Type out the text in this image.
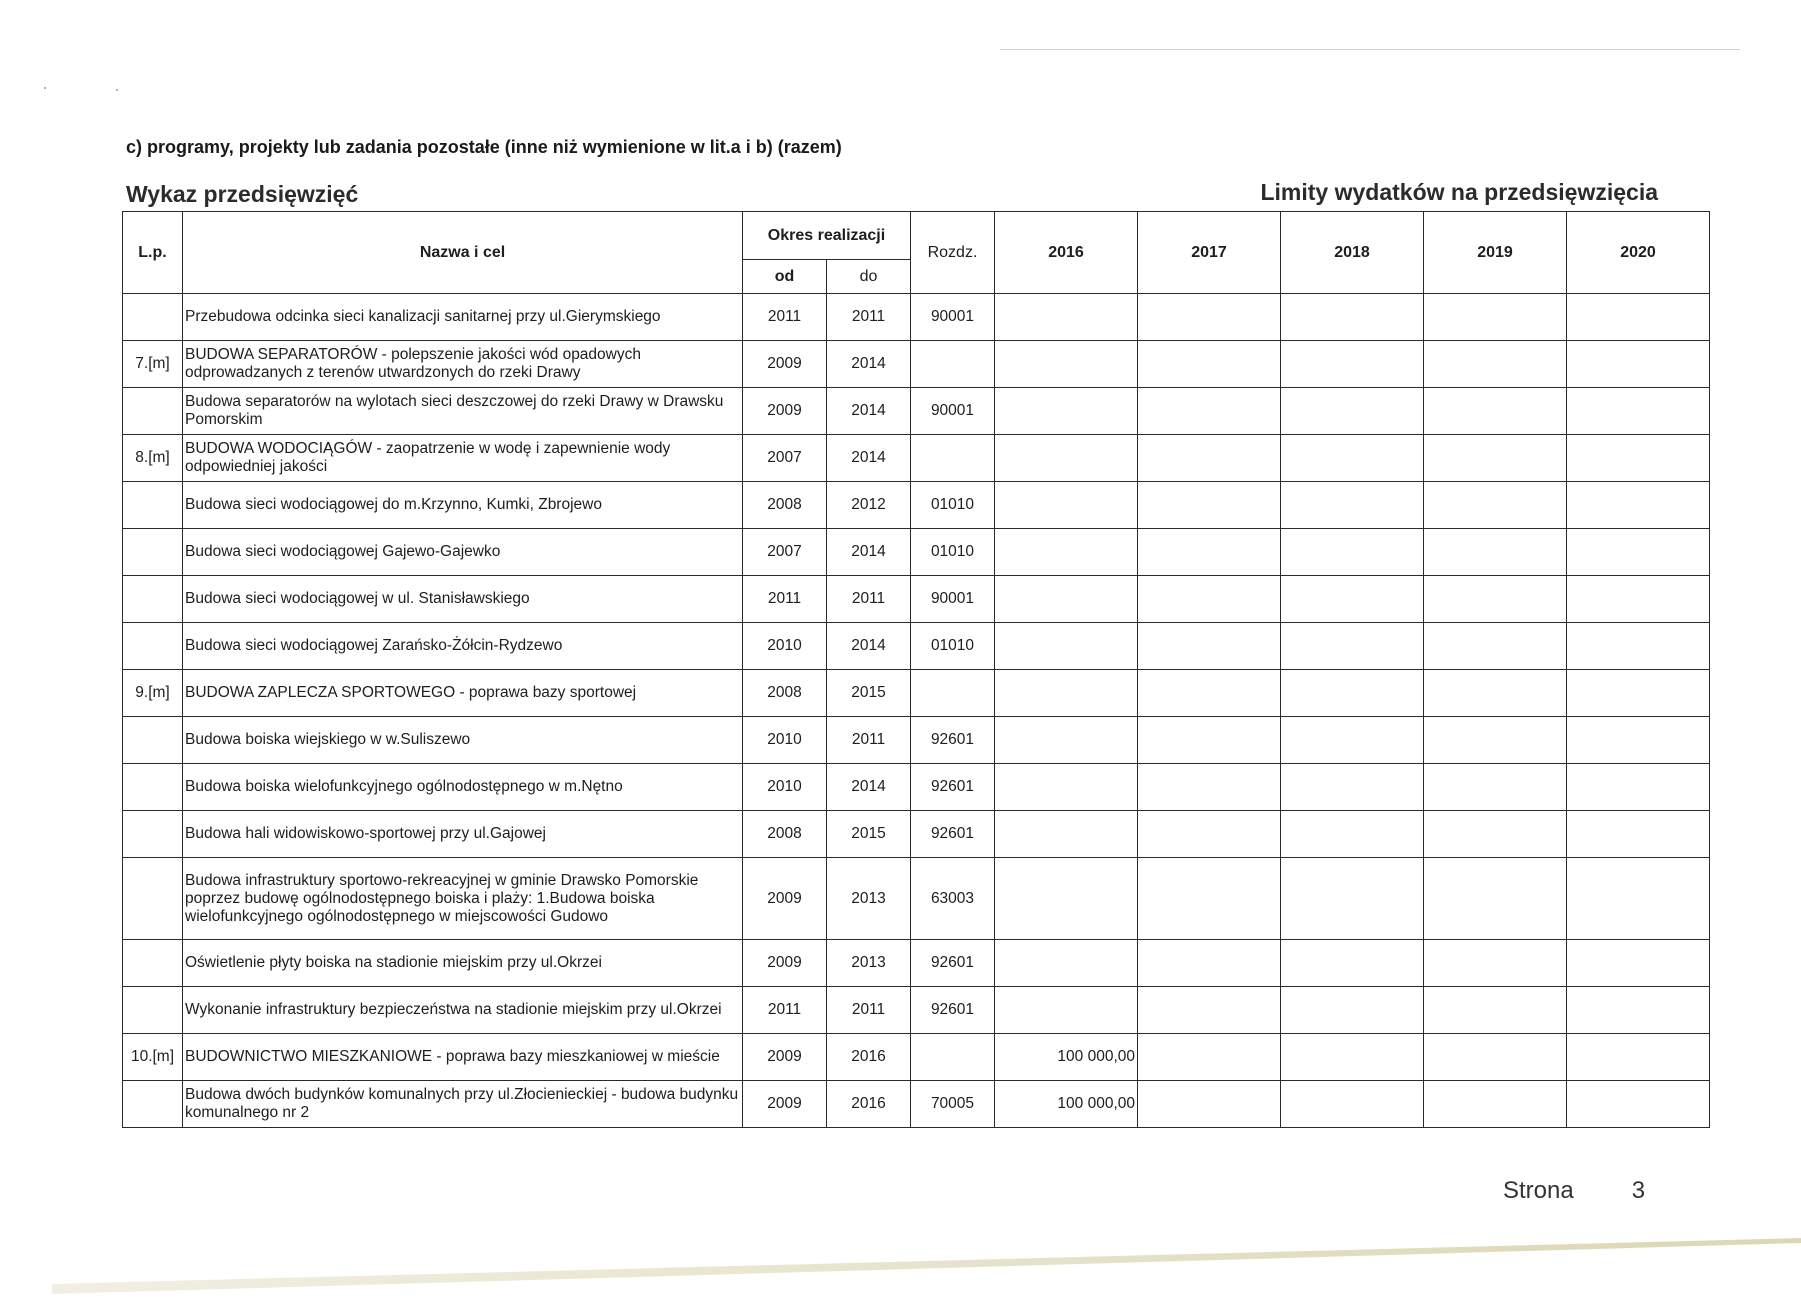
c) programy, projekty lub zadania pozostałe (inne niż wymienione w lit.a i b) (razem)
Wykaz przedsięwzięć	Limity wydatków na przedsięwzięcia
L.p.	Nazwa i cel	Okres realizacji		Rozdz.	2016	2017	2018	2019	2020
		od	do						
	Przebudowa odcinka sieci kanalizacji sanitarnej przy ul.Gierymskiego	2011	2011	90001					
7.[m]	BUDOWA SEPARATORÓW - polepszenie jakości wód opadowych odprowadzanych z terenów utwardzonych do rzeki Drawy	2009	2014						
	Budowa separatorów na wylotach sieci deszczowej do rzeki Drawy w Drawsku Pomorskim	2009	2014	90001					
8.[m]	BUDOWA WODOCIĄGÓW - zaopatrzenie w wodę i zapewnienie wody odpowiedniej jakości	2007	2014						
	Budowa sieci wodociągowej do m.Krzynno, Kumki, Zbrojewo	2008	2012	01010					
	Budowa sieci wodociągowej Gajewo-Gajewko	2007	2014	01010					
	Budowa sieci wodociągowej w ul. Stanisławskiego	2011	2011	90001					
	Budowa sieci wodociągowej Zarańsko-Żółcin-Rydzewo	2010	2014	01010					
9.[m]	BUDOWA ZAPLECZA SPORTOWEGO - poprawa bazy sportowej	2008	2015						
	Budowa boiska wiejskiego w w.Suliszewo	2010	2011	92601					
	Budowa boiska wielofunkcyjnego ogólnodostępnego w m.Nętno	2010	2014	92601					
	Budowa hali widowiskowo-sportowej przy ul.Gajowej	2008	2015	92601					
	Budowa infrastruktury sportowo-rekreacyjnej w gminie Drawsko Pomorskie poprzez budowę ogólnodostępnego boiska i plaży: 1.Budowa boiska wielofunkcyjnego ogólnodostępnego w miejscowości Gudowo	2009	2013	63003					
	Oświetlenie płyty boiska na stadionie miejskim przy ul.Okrzei	2009	2013	92601					
	Wykonanie infrastruktury bezpieczeństwa na stadionie miejskim przy ul.Okrzei	2011	2011	92601					
10.[m]	BUDOWNICTWO MIESZKANIOWE - poprawa bazy mieszkaniowej w mieście	2009	2016		100 000,00				
	Budowa dwóch budynków komunalnych przy ul.Złocienieckiej - budowa budynku komunalnego nr 2	2009	2016	70005	100 000,00				
Strona 3
